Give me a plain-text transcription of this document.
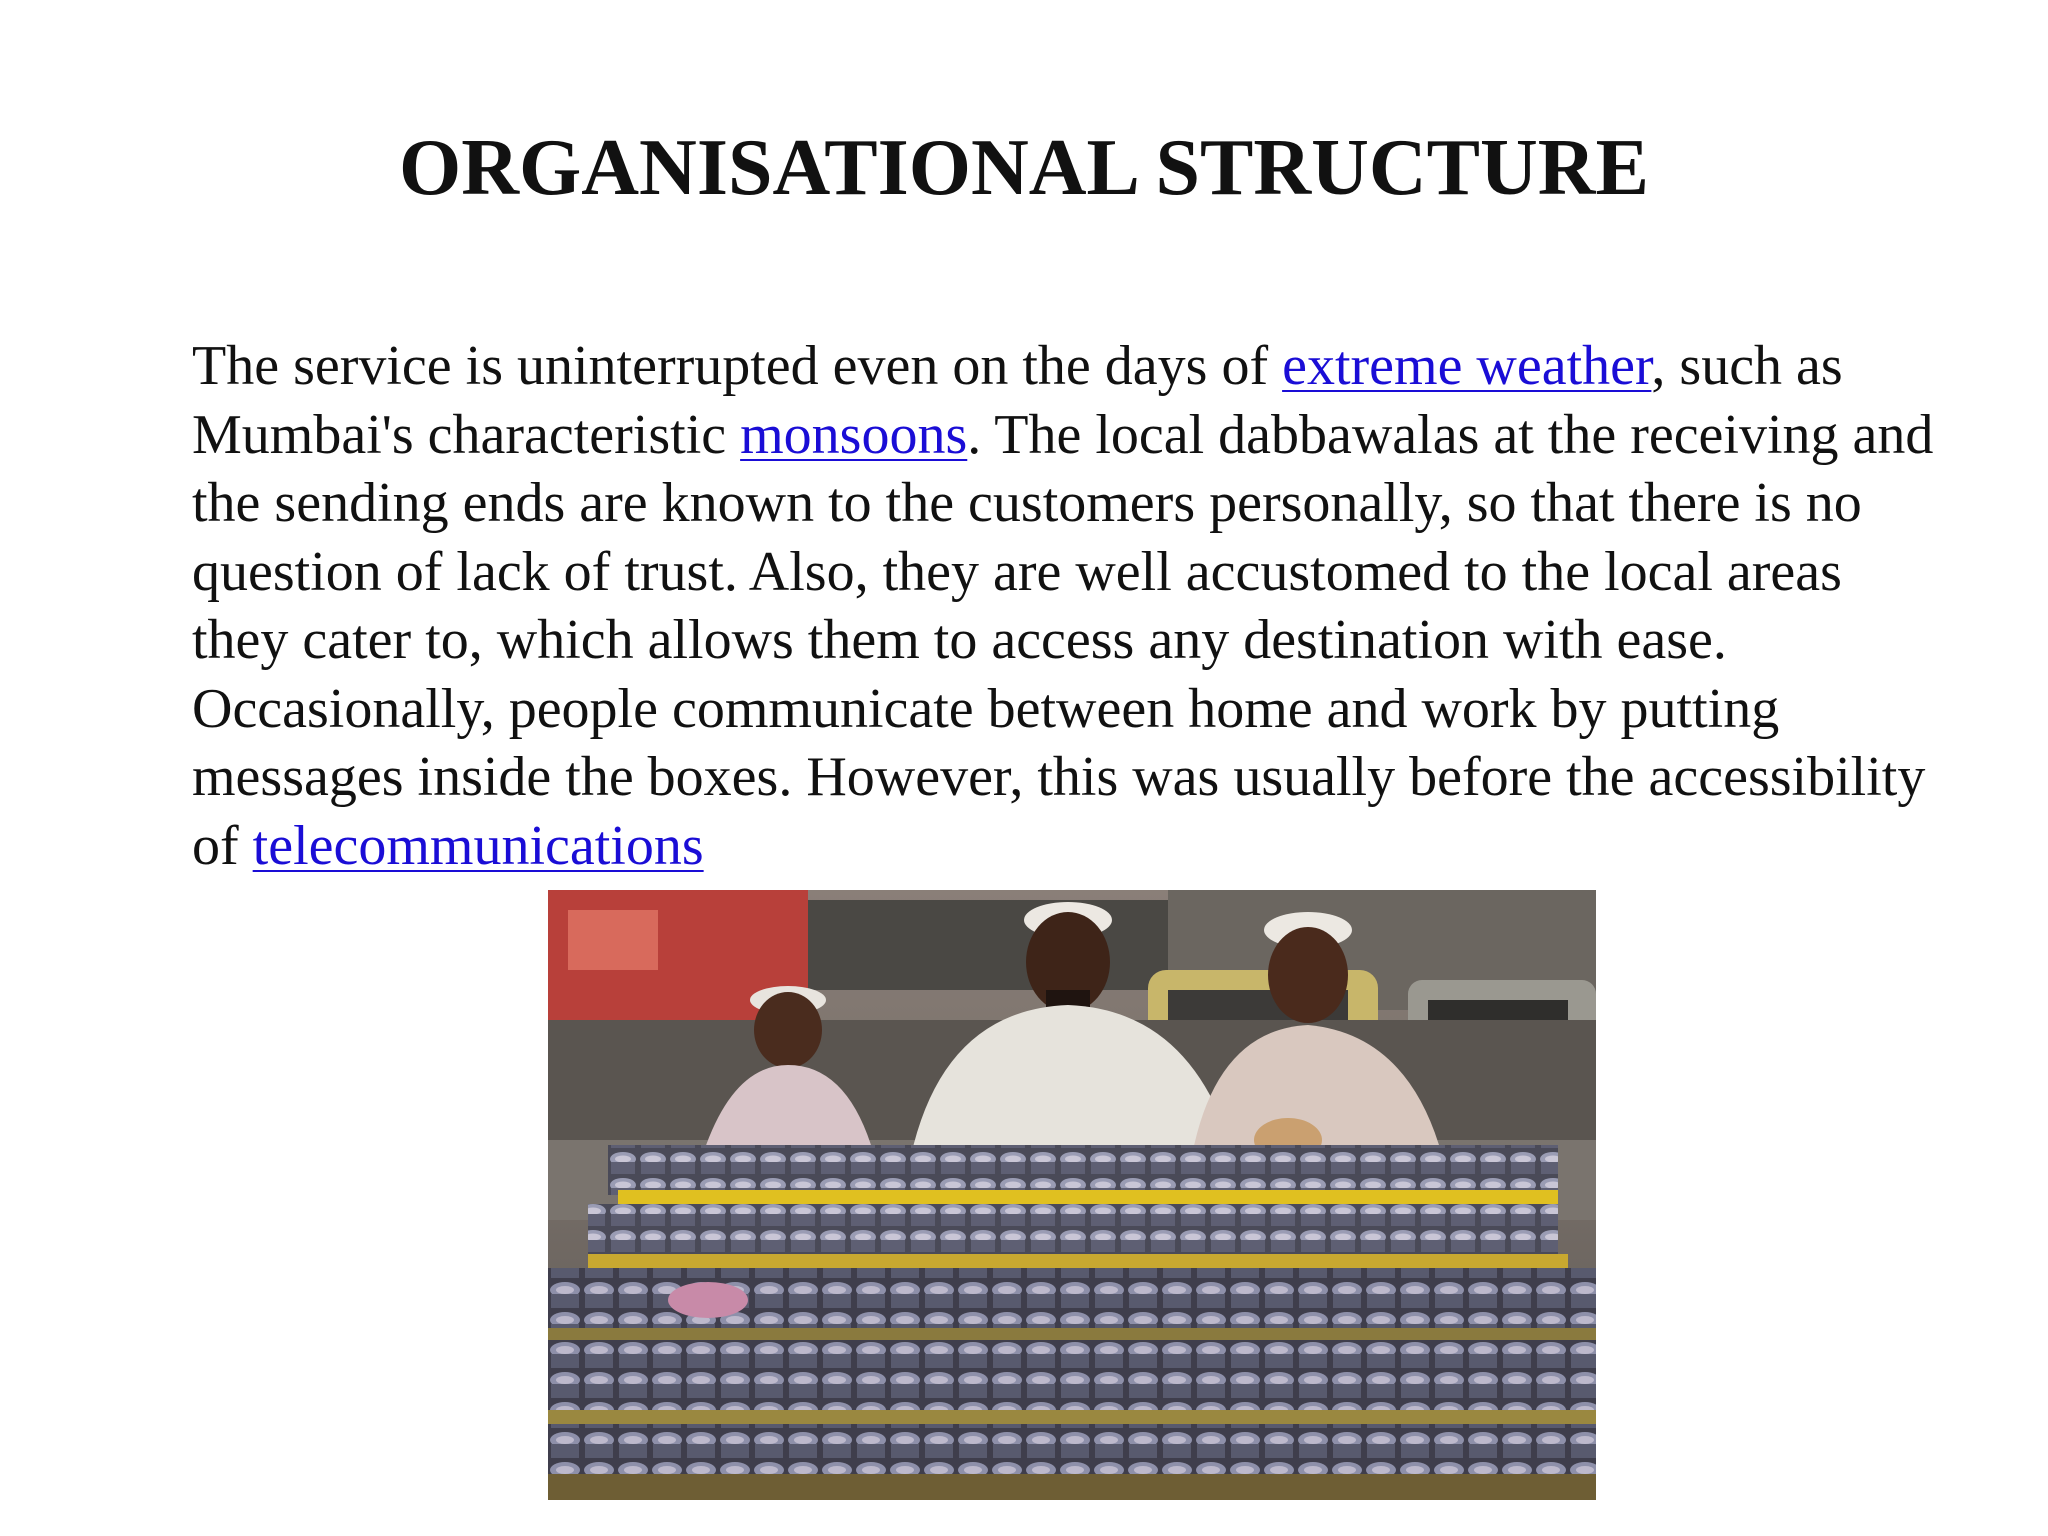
ORGANISATIONAL STRUCTURE

The service is uninterrupted even on the days of extreme weather, such as Mumbai's characteristic monsoons. The local dabbawalas at the receiving and the sending ends are known to the customers personally, so that there is no question of lack of trust. Also, they are well accustomed to the local areas they cater to, which allows them to access any destination with ease. Occasionally, people communicate between home and work by putting messages inside the boxes. However, this was usually before the accessibility of telecommunications
